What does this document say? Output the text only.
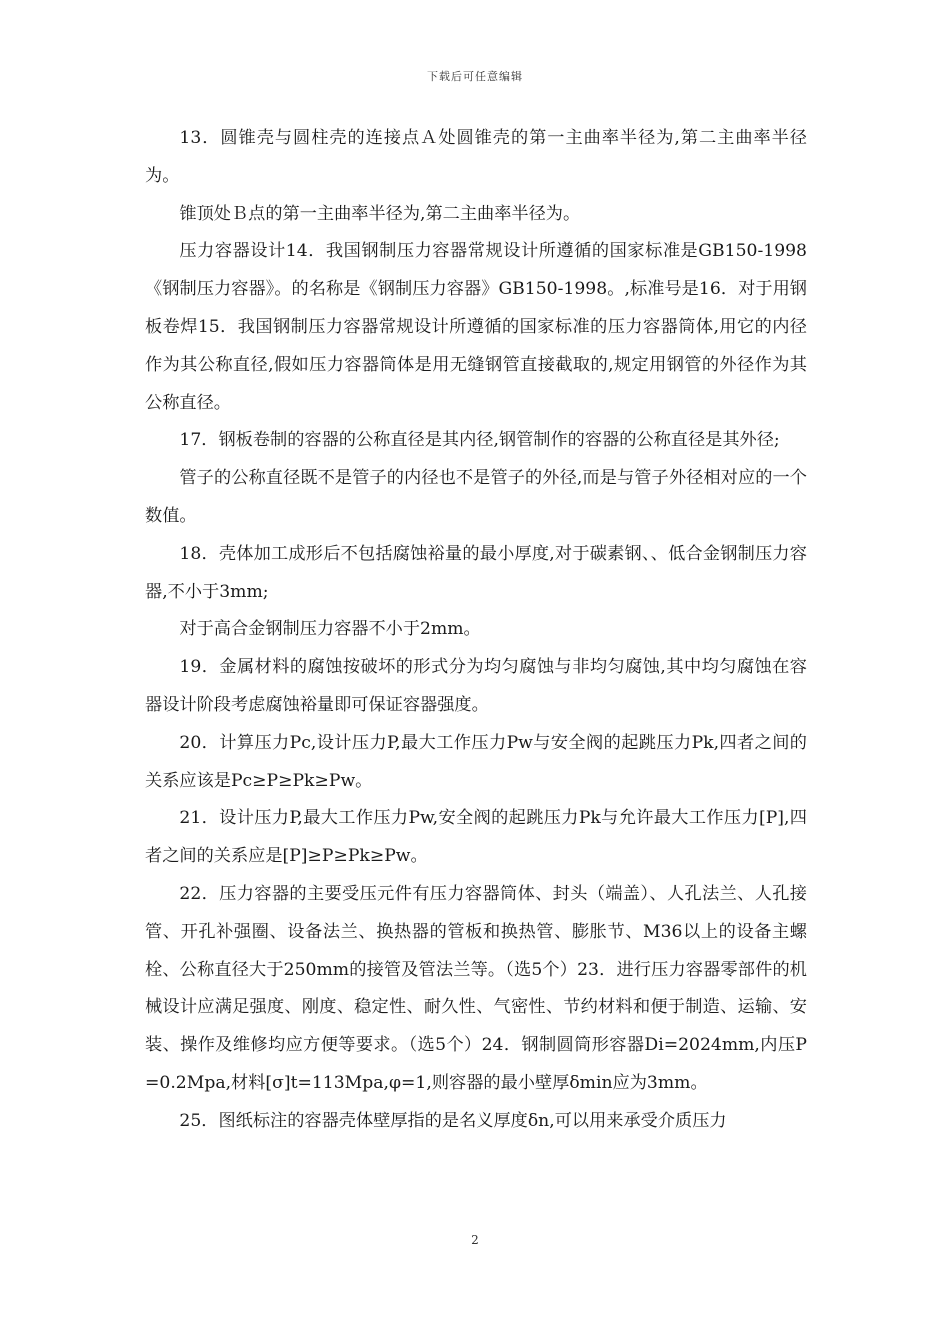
下载后可任意编辑

13．圆锥壳与圆柱壳的连接点Ａ处圆锥壳的第一主曲率半径为,第二主曲率半径为。

锥顶处Ｂ点的第一主曲率半径为,第二主曲率半径为。

压力容器设计14．我国钢制压力容器常规设计所遵循的国家标准是GB150-1998《钢制压力容器》。的名称是《钢制压力容器》GB150-1998。,标准号是16．对于用钢板卷焊15．我国钢制压力容器常规设计所遵循的国家标准的压力容器筒体,用它的内径作为其公称直径,假如压力容器筒体是用无缝钢管直接截取的,规定用钢管的外径作为其公称直径。

17．钢板卷制的容器的公称直径是其内径,钢管制作的容器的公称直径是其外径;

管子的公称直径既不是管子的内径也不是管子的外径,而是与管子外径相对应的一个数值。

18．壳体加工成形后不包括腐蚀裕量的最小厚度,对于碳素钢、、低合金钢制压力容器,不小于3mm;

对于高合金钢制压力容器不小于2mm。

19．金属材料的腐蚀按破坏的形式分为均匀腐蚀与非均匀腐蚀,其中均匀腐蚀在容器设计阶段考虑腐蚀裕量即可保证容器强度。

20．计算压力Pc,设计压力P,最大工作压力Pw与安全阀的起跳压力Pk,四者之间的关系应该是Pc≥P≥Pk≥Pw。

21．设计压力P,最大工作压力Pw,安全阀的起跳压力Pk与允许最大工作压力[P],四者之间的关系应是[P]≥P≥Pk≥Pw。

22．压力容器的主要受压元件有压力容器筒体、封头（端盖）、人孔法兰、人孔接管、开孔补强圈、设备法兰、换热器的管板和换热管、膨胀节、M36以上的设备主螺栓、公称直径大于250mm的接管及管法兰等。（选5个）23．进行压力容器零部件的机械设计应满足强度、刚度、稳定性、耐久性、气密性、节约材料和便于制造、运输、安装、操作及维修均应方便等要求。（选5个）24．钢制圆筒形容器Di=2024mm,内压P=0.2Mpa,材料[σ]t=113Mpa,φ=1,则容器的最小壁厚δmin应为3mm。

25．图纸标注的容器壳体壁厚指的是名义厚度δn,可以用来承受介质压力

2
